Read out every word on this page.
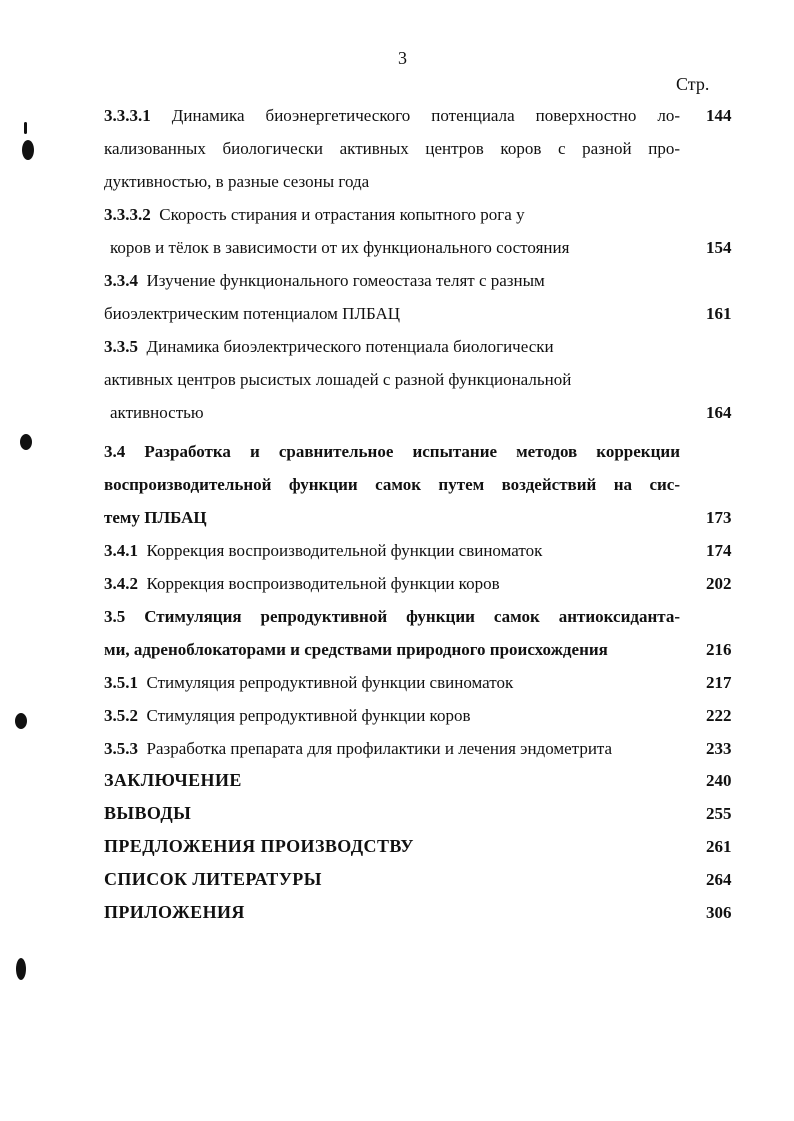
3
Стр.
3.3.3.1 Динамика биоэнергетического потенциала поверхностно ло- 144
кализованных биологически активных центров коров с разной про-
дуктивностью, в разные сезоны года
3.3.3.2 Скорость стирания и отрастания копытного рога у
коров и тёлок в зависимости от их функционального состояния	154
3.3.4 Изучение функционального гомеостаза телят с разным
биоэлектрическим потенциалом ПЛБАЦ	161
3.3.5 Динамика биоэлектрического потенциала биологически
активных центров рысистых лошадей с разной функциональной
активностью	164
3.4 Разработка и сравнительное испытание методов коррекции
воспроизводительной функции самок путем воздействий на сис-
тему ПЛБАЦ	173
3.4.1 Коррекция воспроизводительной функции свиноматок	174
3.4.2 Коррекция воспроизводительной функции коров	202
3.5 Стимуляция репродуктивной функции самок антиоксиданта-
ми, адреноблокаторами и средствами природного происхождения	216
3.5.1 Стимуляция репродуктивной функции свиноматок	217
3.5.2 Стимуляция репродуктивной функции коров	222
3.5.3 Разработка препарата для профилактики и лечения эндометрита	233
ЗАКЛЮЧЕНИЕ	240
ВЫВОДЫ	255
ПРЕДЛОЖЕНИЯ ПРОИЗВОДСТВУ	261
СПИСОК ЛИТЕРАТУРЫ	264
ПРИЛОЖЕНИЯ	306
